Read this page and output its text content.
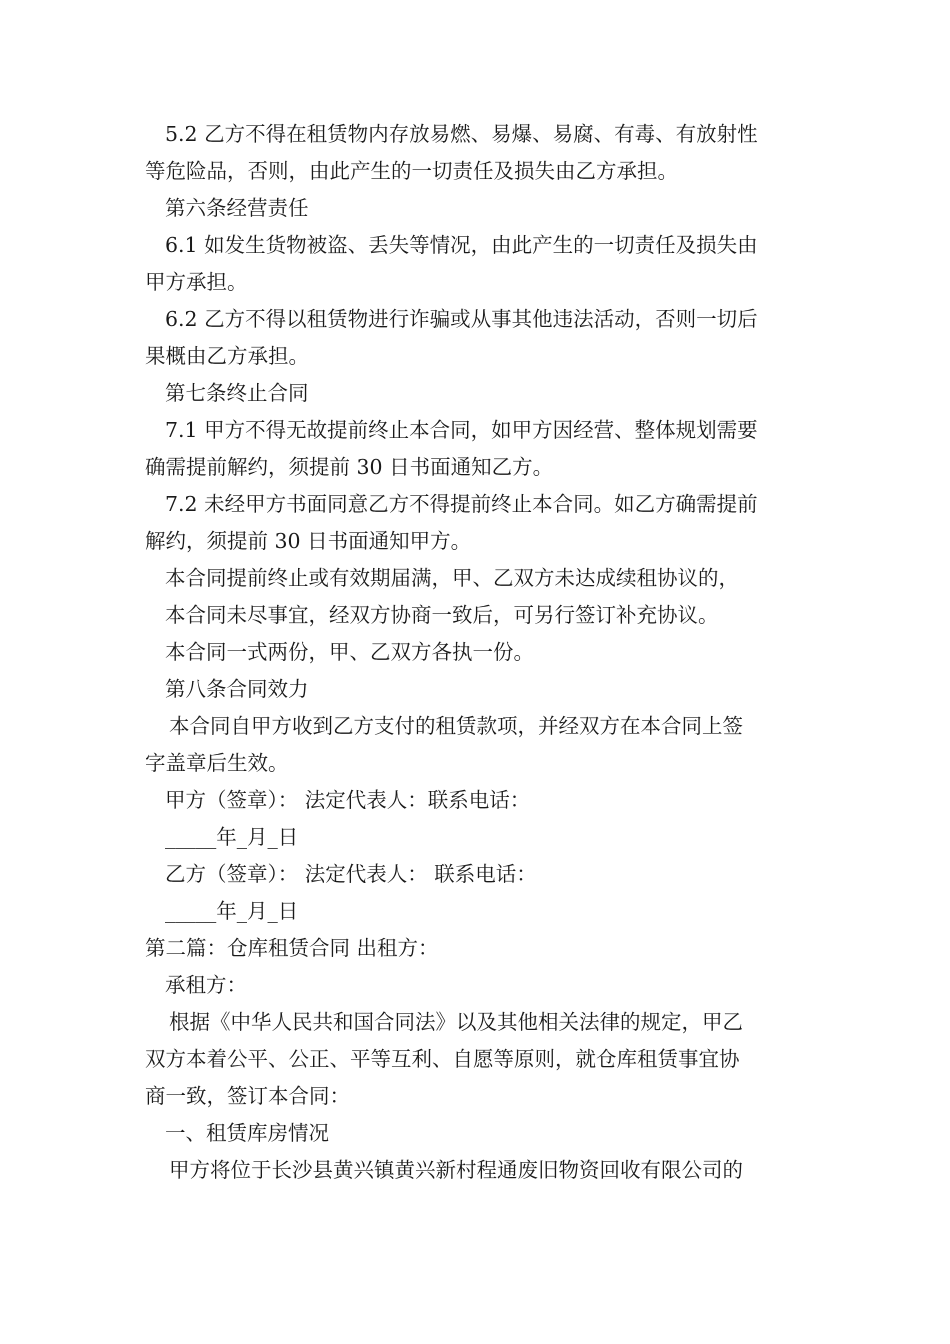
5.2 乙方不得在租赁物内存放易燃、易爆、易腐、有毒、有放射性

等危险品，否则，由此产生的一切责任及损失由乙方承担。

第六条经营责任

6.1 如发生货物被盗、丢失等情况，由此产生的一切责任及损失由

甲方承担。

6.2 乙方不得以租赁物进行诈骗或从事其他违法活动，否则一切后

果概由乙方承担。

第七条终止合同

7.1 甲方不得无故提前终止本合同，如甲方因经营、整体规划需要

确需提前解约，须提前 30 日书面通知乙方。

7.2 未经甲方书面同意乙方不得提前终止本合同。如乙方确需提前

解约，须提前 30 日书面通知甲方。

本合同提前终止或有效期届满，甲、乙双方未达成续租协议的，

本合同未尽事宜，经双方协商一致后，可另行签订补充协议。

本合同一式两份，甲、乙双方各执一份。

第八条合同效力

本合同自甲方收到乙方支付的租赁款项，并经双方在本合同上签

字盖章后生效。

甲方（签章）： 法定代表人：联系电话：

_____年_月_日

乙方（签章）： 法定代表人： 联系电话：

_____年_月_日

第二篇：仓库租赁合同 出租方：

承租方：

根据《中华人民共和国合同法》以及其他相关法律的规定，甲乙

双方本着公平、公正、平等互利、自愿等原则，就仓库租赁事宜协

商一致，签订本合同：

一、租赁库房情况

甲方将位于长沙县黄兴镇黄兴新村程通废旧物资回收有限公司的
